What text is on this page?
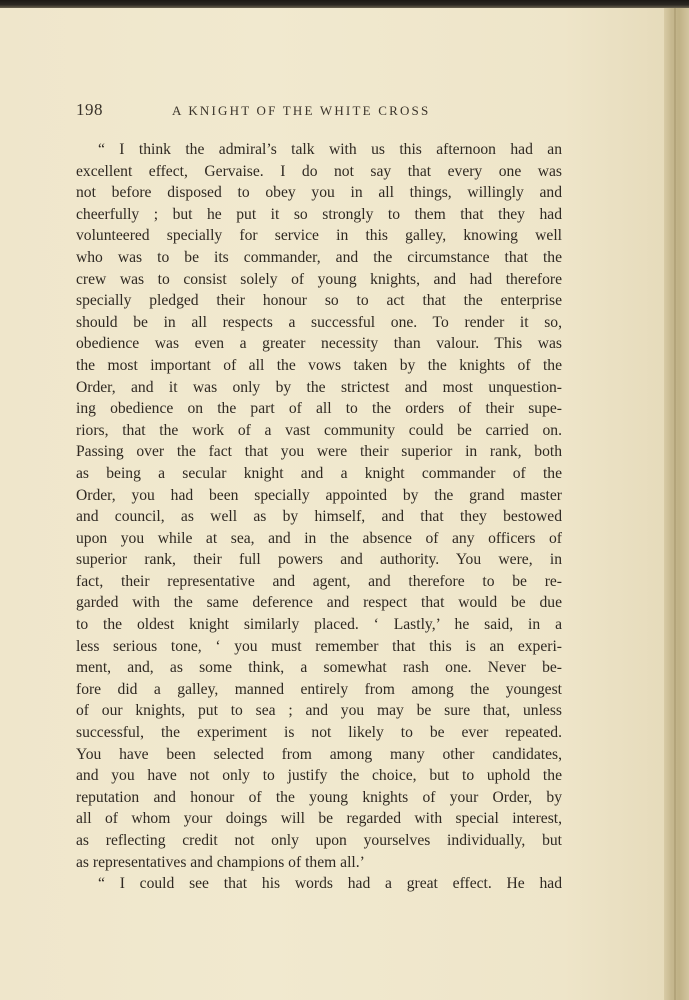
198	A KNIGHT OF THE WHITE CROSS
“ I think the admiral’s talk with us this afternoon had an
excellent effect, Gervaise. I do not say that every one was
not before disposed to obey you in all things, willingly and
cheerfully ; but he put it so strongly to them that they had
volunteered specially for service in this galley, knowing well
who was to be its commander, and the circumstance that the
crew was to consist solely of young knights, and had therefore
specially pledged their honour so to act that the enterprise
should be in all respects a successful one. To render it so,
obedience was even a greater necessity than valour. This was
the most important of all the vows taken by the knights of the
Order, and it was only by the strictest and most unquestion-
ing obedience on the part of all to the orders of their supe-
riors, that the work of a vast community could be carried on.
Passing over the fact that you were their superior in rank, both
as being a secular knight and a knight commander of the
Order, you had been specially appointed by the grand master
and council, as well as by himself, and that they bestowed
upon you while at sea, and in the absence of any officers of
superior rank, their full powers and authority. You were, in
fact, their representative and agent, and therefore to be re-
garded with the same deference and respect that would be due
to the oldest knight similarly placed. ‘ Lastly,’ he said, in a
less serious tone, ‘ you must remember that this is an experi-
ment, and, as some think, a somewhat rash one. Never be-
fore did a galley, manned entirely from among the youngest
of our knights, put to sea ; and you may be sure that, unless
successful, the experiment is not likely to be ever repeated.
You have been selected from among many other candidates,
and you have not only to justify the choice, but to uphold the
reputation and honour of the young knights of your Order, by
all of whom your doings will be regarded with special interest,
as reflecting credit not only upon yourselves individually, but
as representatives and champions of them all.’
“ I could see that his words had a great effect. He had
